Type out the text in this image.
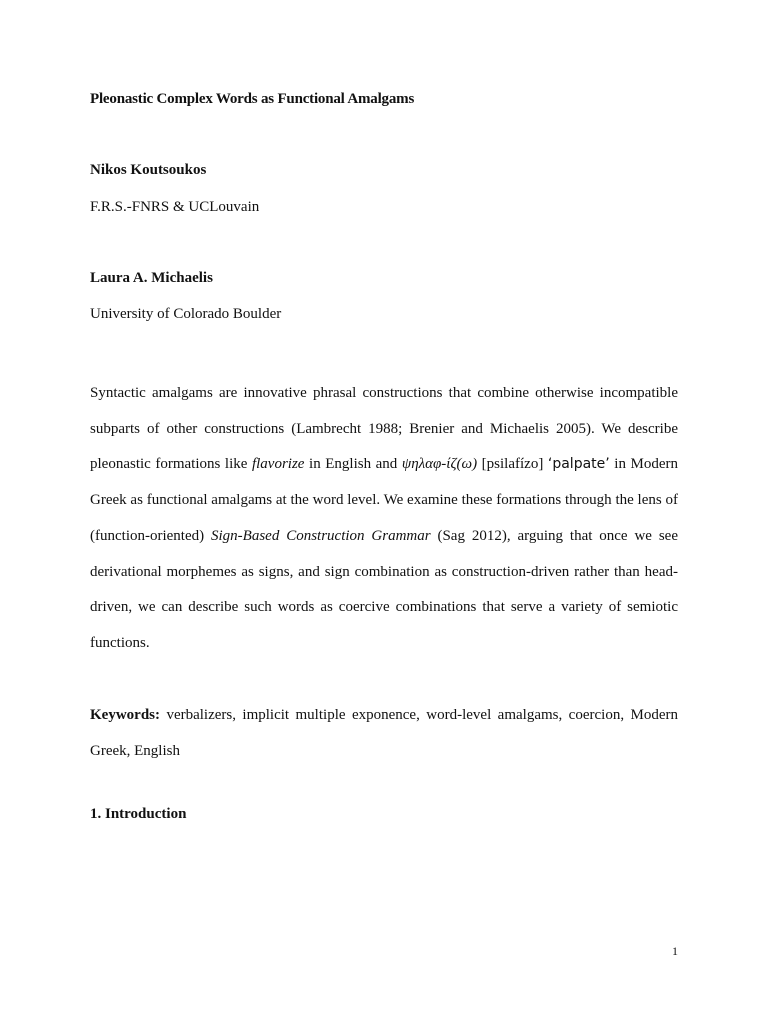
Pleonastic Complex Words as Functional Amalgams
Nikos Koutsoukos
F.R.S.-FNRS & UCLouvain
Laura A. Michaelis
University of Colorado Boulder

Syntactic amalgams are innovative phrasal constructions that combine otherwise incompatible subparts of other constructions (Lambrecht 1988; Brenier and Michaelis 2005). We describe pleonastic formations like flavorize in English and ψηλαφ-ίζ(ω) [psilafízo] ‘palpate’ in Modern Greek as functional amalgams at the word level. We examine these formations through the lens of (function-oriented) Sign-Based Construction Grammar (Sag 2012), arguing that once we see derivational morphemes as signs, and sign combination as construction-driven rather than head-driven, we can describe such words as coercive combinations that serve a variety of semiotic functions.

Keywords: verbalizers, implicit multiple exponence, word-level amalgams, coercion, Modern Greek, English
1. Introduction
1
